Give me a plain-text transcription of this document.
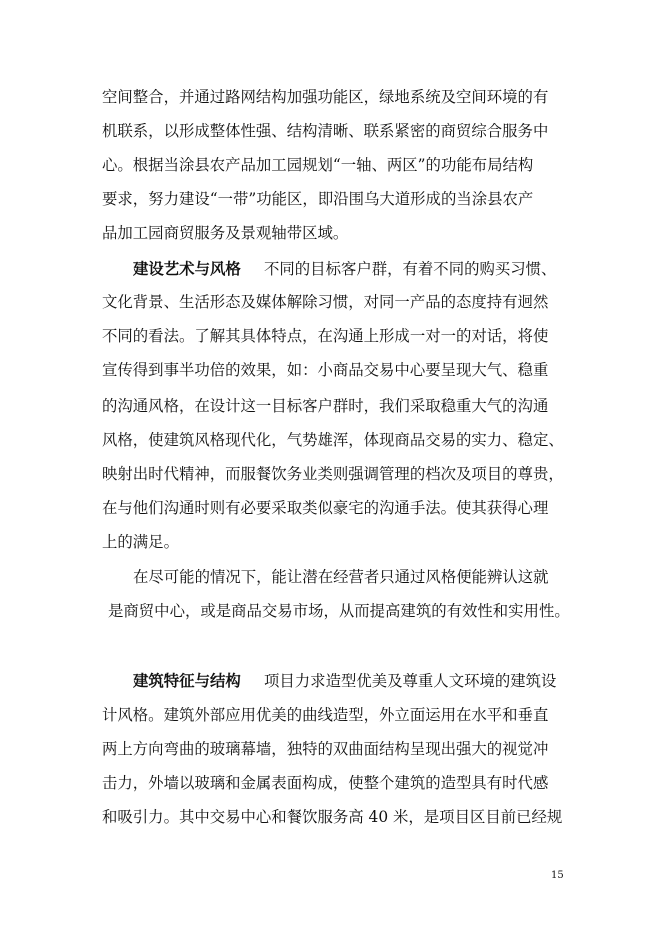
空间整合，并通过路网结构加强功能区，绿地系统及空间环境的有
机联系，以形成整体性强、结构清晰、联系紧密的商贸综合服务中
心。根据当涂县农产品加工园规划“一轴、两区”的功能布局结构
要求，努力建设“一带”功能区，即沿围乌大道形成的当涂县农产
品加工园商贸服务及景观轴带区域。
建设艺术与风格 不同的目标客户群，有着不同的购买习惯、
文化背景、生活形态及媒体解除习惯，对同一产品的态度持有迥然
不同的看法。了解其具体特点，在沟通上形成一对一的对话，将使
宣传得到事半功倍的效果，如：小商品交易中心要呈现大气、稳重
的沟通风格，在设计这一目标客户群时，我们采取稳重大气的沟通
风格，使建筑风格现代化，气势雄浑，体现商品交易的实力、稳定、
映射出时代精神，而服餐饮务业类则强调管理的档次及项目的尊贵，
在与他们沟通时则有必要采取类似豪宅的沟通手法。使其获得心理
上的满足。
在尽可能的情况下，能让潜在经营者只通过风格便能辨认这就
是商贸中心，或是商品交易市场，从而提高建筑的有效性和实用性。
建筑特征与结构 项目力求造型优美及尊重人文环境的建筑设
计风格。建筑外部应用优美的曲线造型，外立面运用在水平和垂直
两上方向弯曲的玻璃幕墙，独特的双曲面结构呈现出强大的视觉冲
击力，外墙以玻璃和金属表面构成，使整个建筑的造型具有时代感
和吸引力。其中交易中心和餐饮服务高 40 米，是项目区目前已经规
15
